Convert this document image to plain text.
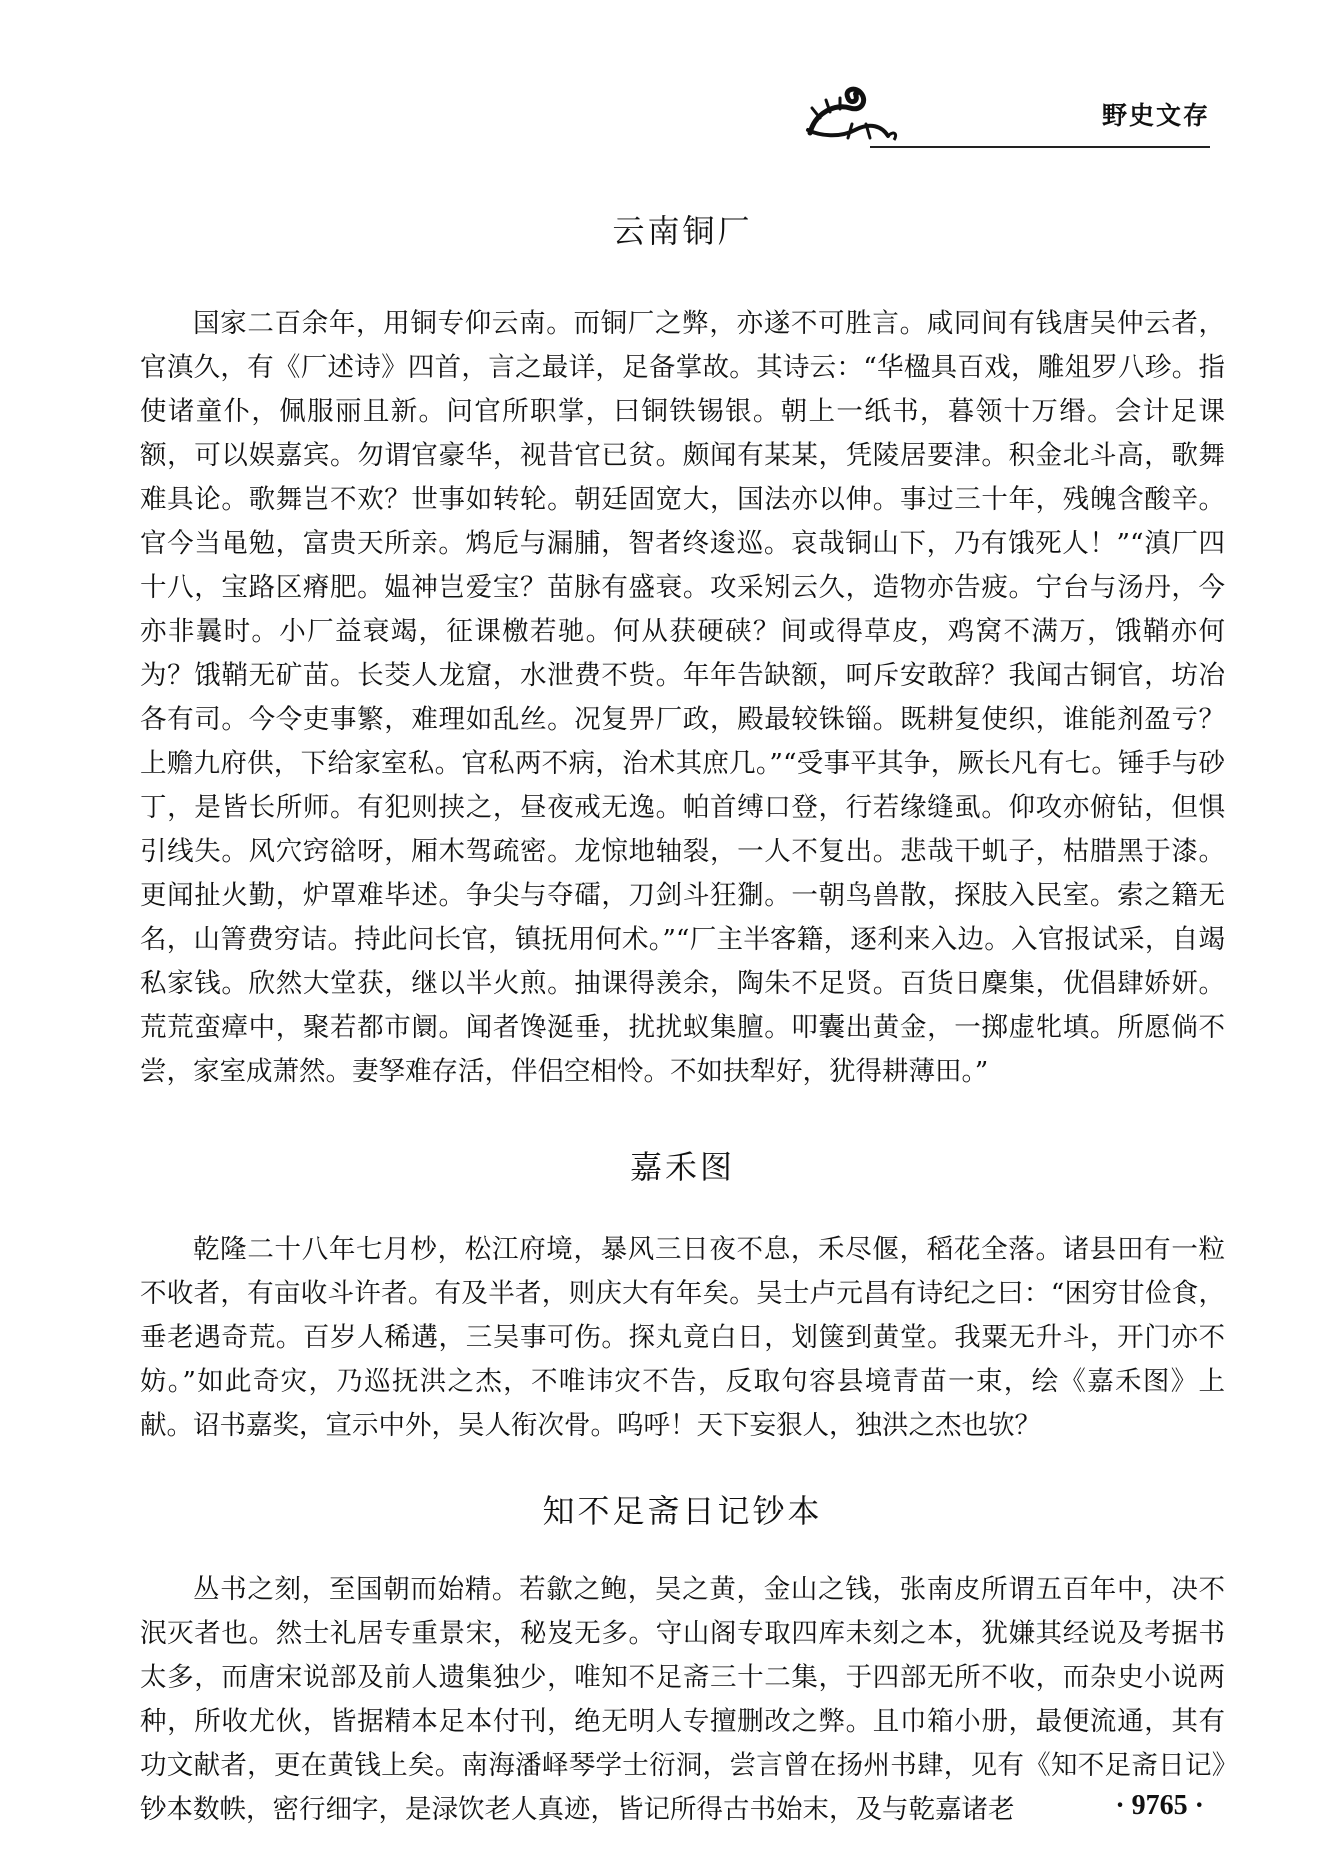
野史文存
云南铜厂

国家二百余年，用铜专仰云南。而铜厂之弊，亦遂不可胜言。咸同间有钱唐吴仲云者，官滇久，有《厂述诗》四首，言之最详，足备掌故。其诗云：“华楹具百戏，雕俎罗八珍。指使诸童仆，佩服丽且新。问官所职掌，曰铜铁锡银。朝上一纸书，暮领十万缗。会计足课额，可以娱嘉宾。勿谓官豪华，视昔官已贫。颇闻有某某，凭陵居要津。积金北斗高，歌舞难具论。歌舞岂不欢？世事如转轮。朝廷固宽大，国法亦以伸。事过三十年，残魄含酸辛。官今当黾勉，富贵天所亲。鸩卮与漏脯，智者终逡巡。哀哉铜山下，乃有饿死人！”“滇厂四十八，宝路区瘠肥。媪神岂爱宝？苗脉有盛衰。攻采矧云久，造物亦告疲。宁台与汤丹，今亦非曩时。小厂益衰竭，征课檄若驰。何从获硬硖？间或得草皮，鸡窝不满万，饿鞘亦何为？饿鞘无矿苗。长茭人龙窟，水泄费不赀。年年告缺额，呵斥安敢辞？我闻古铜官，坊冶各有司。今令吏事繁，难理如乱丝。况复畀厂政，殿最较铢锱。既耕复使织，谁能剂盈亏？上赡九府供，下给家室私。官私两不病，治术其庶几。”“受事平其争，厥长凡有七。锤手与砂丁，是皆长所师。有犯则挟之，昼夜戒无逸。帕首缚口登，行若缘缝虱。仰攻亦俯钻，但惧引线失。风穴窍谽呀，厢木驾疏密。龙惊地轴裂，一人不复出。悲哉干虮子，枯腊黑于漆。更闻扯火勤，炉罩难毕述。争尖与夺礌，刀剑斗狂猘。一朝鸟兽散，探肢入民室。索之籍无名，山箐费穷诘。持此问长官，镇抚用何术。”“厂主半客籍，逐利来入边。入官报试采，自竭私家钱。欣然大堂获，继以半火煎。抽课得羡余，陶朱不足贤。百货日麇集，优倡肆娇妍。荒荒蛮瘴中，聚若都市阛。闻者馋涎垂，扰扰蚁集膻。叩囊出黄金，一掷虚牝填。所愿倘不尝，家室成萧然。妻孥难存活，伴侣空相怜。不如扶犁好，犹得耕薄田。”

嘉禾图

乾隆二十八年七月杪，松江府境，暴风三日夜不息，禾尽偃，稻花全落。诸县田有一粒不收者，有亩收斗许者。有及半者，则庆大有年矣。吴士卢元昌有诗纪之曰：“困穷甘俭食，垂老遇奇荒。百岁人稀遘，三吴事可伤。探丸竟白日，划箧到黄堂。我粟无升斗，开门亦不妨。”如此奇灾，乃巡抚洪之杰，不唯讳灾不告，反取句容县境青苗一束，绘《嘉禾图》上献。诏书嘉奖，宣示中外，吴人衔次骨。呜呼！天下妄狠人，独洪之杰也欤？

知不足斋日记钞本

丛书之刻，至国朝而始精。若歙之鲍，吴之黄，金山之钱，张南皮所谓五百年中，决不泯灭者也。然士礼居专重景宋，秘岌无多。守山阁专取四库未刻之本，犹嫌其经说及考据书太多，而唐宋说部及前人遗集独少，唯知不足斋三十二集，于四部无所不收，而杂史小说两种，所收尤伙，皆据精本足本付刊，绝无明人专擅删改之弊。且巾箱小册，最便流通，其有功文献者，更在黄钱上矣。南海潘峄琴学士衍洞，尝言曾在扬州书肆，见有《知不足斋日记》钞本数帙，密行细字，是渌饮老人真迹，皆记所得古书始末，及与乾嘉诸老	· 9765 ·
